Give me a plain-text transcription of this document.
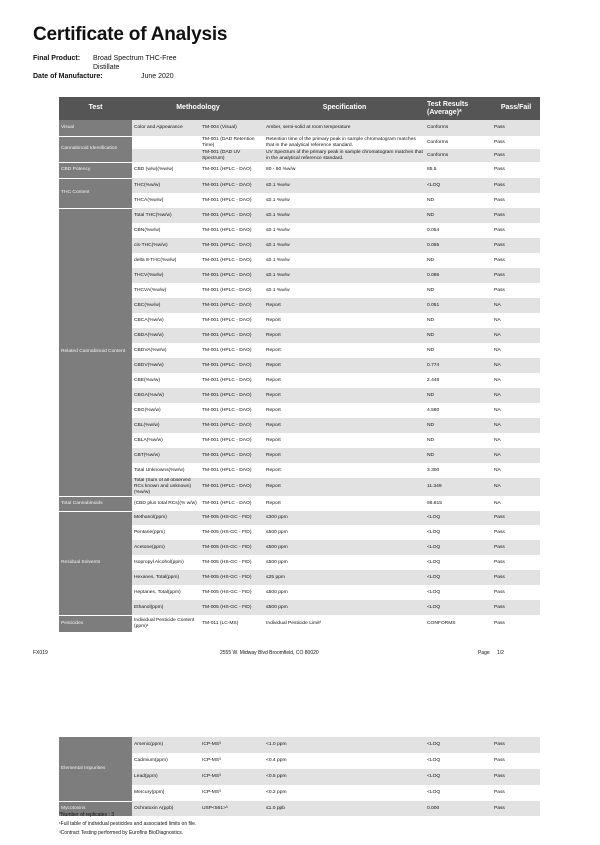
Certificate of Analysis
Final Product: Broad Spectrum THC-Free
Distillate
Date of Manufacture:	June 2020
Test	Methodology		Specification	Test Results (Average)*	Pass/Fail
Visual	Color and Appearance	TM-004 (Visual)	Amber, semi-solid at room temperature	Conforms	Pass
Cannabinoid Identification		TM-001 (DAD Retention Time)	Retention time of the primary peak in sample chromatogram matches that in the analytical reference standard.	Conforms	Pass
		TM-001 (DAD UV Spectrum)	UV Spectrum of the primary peak in sample chromatogram matches that in the analytical reference standard.	Conforms	Pass
CBD Potency	CBD (w/w)(%w/w)	TM-001 (HPLC - DAO)	80 - 90 %w/w	85.5	Pass
THC Content	THC(%w/w)	TM-001 (HPLC - DAO)	≤0.1 %w/w	<LOQ	Pass
	THCA(%w/w)	TM-001 (HPLC - DAO)	≤0.1 %w/w	ND	Pass
Related Cannabinoid Content	Total THC(%w/w)	TM-001 (HPLC - DAO)	≤0.1 %w/w	ND	Pass
	CBN(%w/w)	TM-001 (HPLC - DAO)	≤0.1 %w/w	0.054	Pass
	cis-THC(%w/w)	TM-001 (HPLC - DAO)	≤0.1 %w/w	0.055	Pass
	delta 8-THC(%w/w)	TM-001 (HPLC - DAO)	≤0.1 %w/w	ND	Pass
	THCV(%w/w)	TM-001 (HPLC - DAO)	≤0.1 %w/w	0.086	Pass
	THCVA(%w/w)	TM-001 (HPLC - DAO)	≤0.1 %w/w	ND	Pass
	CBC(%w/w)	TM-001 (HPLC - DAO)	Report	0.051	NA
	CBCA(%w/w)	TM-001 (HPLC - DAO)	Report	ND	NA
	CBDA(%w/w)	TM-001 (HPLC - DAO)	Report	ND	NA
	CBDVA(%w/w)	TM-001 (HPLC - DAO)	Report	ND	NA
	CBDV(%w/w)	TM-001 (HPLC - DAO)	Report	0.774	NA
	CBE(%w/w)	TM-001 (HPLC - DAO)	Report	2.448	NA
	CBGA(%w/w)	TM-001 (HPLC - DAO)	Report	ND	NA
	CBG(%w/w)	TM-001 (HPLC - DAO)	Report	4.580	NA
	CBL(%w/w)	TM-001 (HPLC - DAO)	Report	ND	NA
	CBLA(%w/w)	TM-001 (HPLC - DAO)	Report	ND	NA
	CBT(%w/w)	TM-001 (HPLC - DAO)	Report	ND	NA
	Total Unknowns(%w/w)	TM-001 (HPLC - DAO)	Report	3.300	NA
	Total (Sum of all observed RCs known and unknown)(%w/w)	TM-001 (HPLC - DAO)	Report	11.349	NA
Total Cannabinoids	(CBD plus total RCs)(% w/w)	TM-001 (HPLC - DAO)	Report	96.815	NA
Residual Solvents	Methanol(ppm)	TM-005 (HS-GC - FID)	≤300 ppm	<LOQ	Pass
	Pentane(ppm)	TM-005 (HS-GC - FID)	≤500 ppm	<LOQ	Pass
	Acetone(ppm)	TM-005 (HS-GC - FID)	≤500 ppm	<LOQ	Pass
	Isopropyl Alcohol(ppm)	TM-005 (HS-GC - FID)	≤500 ppm	<LOQ	Pass
	Hexanes, Total(ppm)	TM-005 (HS-GC - FID)	≤25 ppm	<LOQ	Pass
	Heptanes, Total(ppm)	TM-005 (HS-GC - FID)	≤500 ppm	<LOQ	Pass
	Ethanol(ppm)	TM-005 (HS-GC - FID)	≤500 ppm	<LOQ	Pass
Pesticides	Individual Pesticide Content (ppm)¹	TM-011 (LC-MS)	Individual Pesticide Limit²	CONFORMS	Pass
FX019	2555 W. Midway Blvd Broomfield, CO 80020	Page 1/2
Elemental Impurities	Arsenic(ppm)	ICP-MS³	<1.0 ppm	<LOQ	Pass
	Cadmium(ppm)	ICP-MS³	<0.4 ppm	<LOQ	Pass
	Lead(ppm)	ICP-MS³	<0.5 ppm	<LOQ	Pass
	Mercury(ppm)	ICP-MS³	<0.2 ppm	<LOQ	Pass
Mycotoxins	Ochratoxin A(ppb)	USP<561>³	≤1.0 ppb	0.000	Pass
*Number of replicates : 3
¹Full table of individual pesticides and associated limits on file.
³Contract Testing performed by Eurofins BioDiagnostics.
